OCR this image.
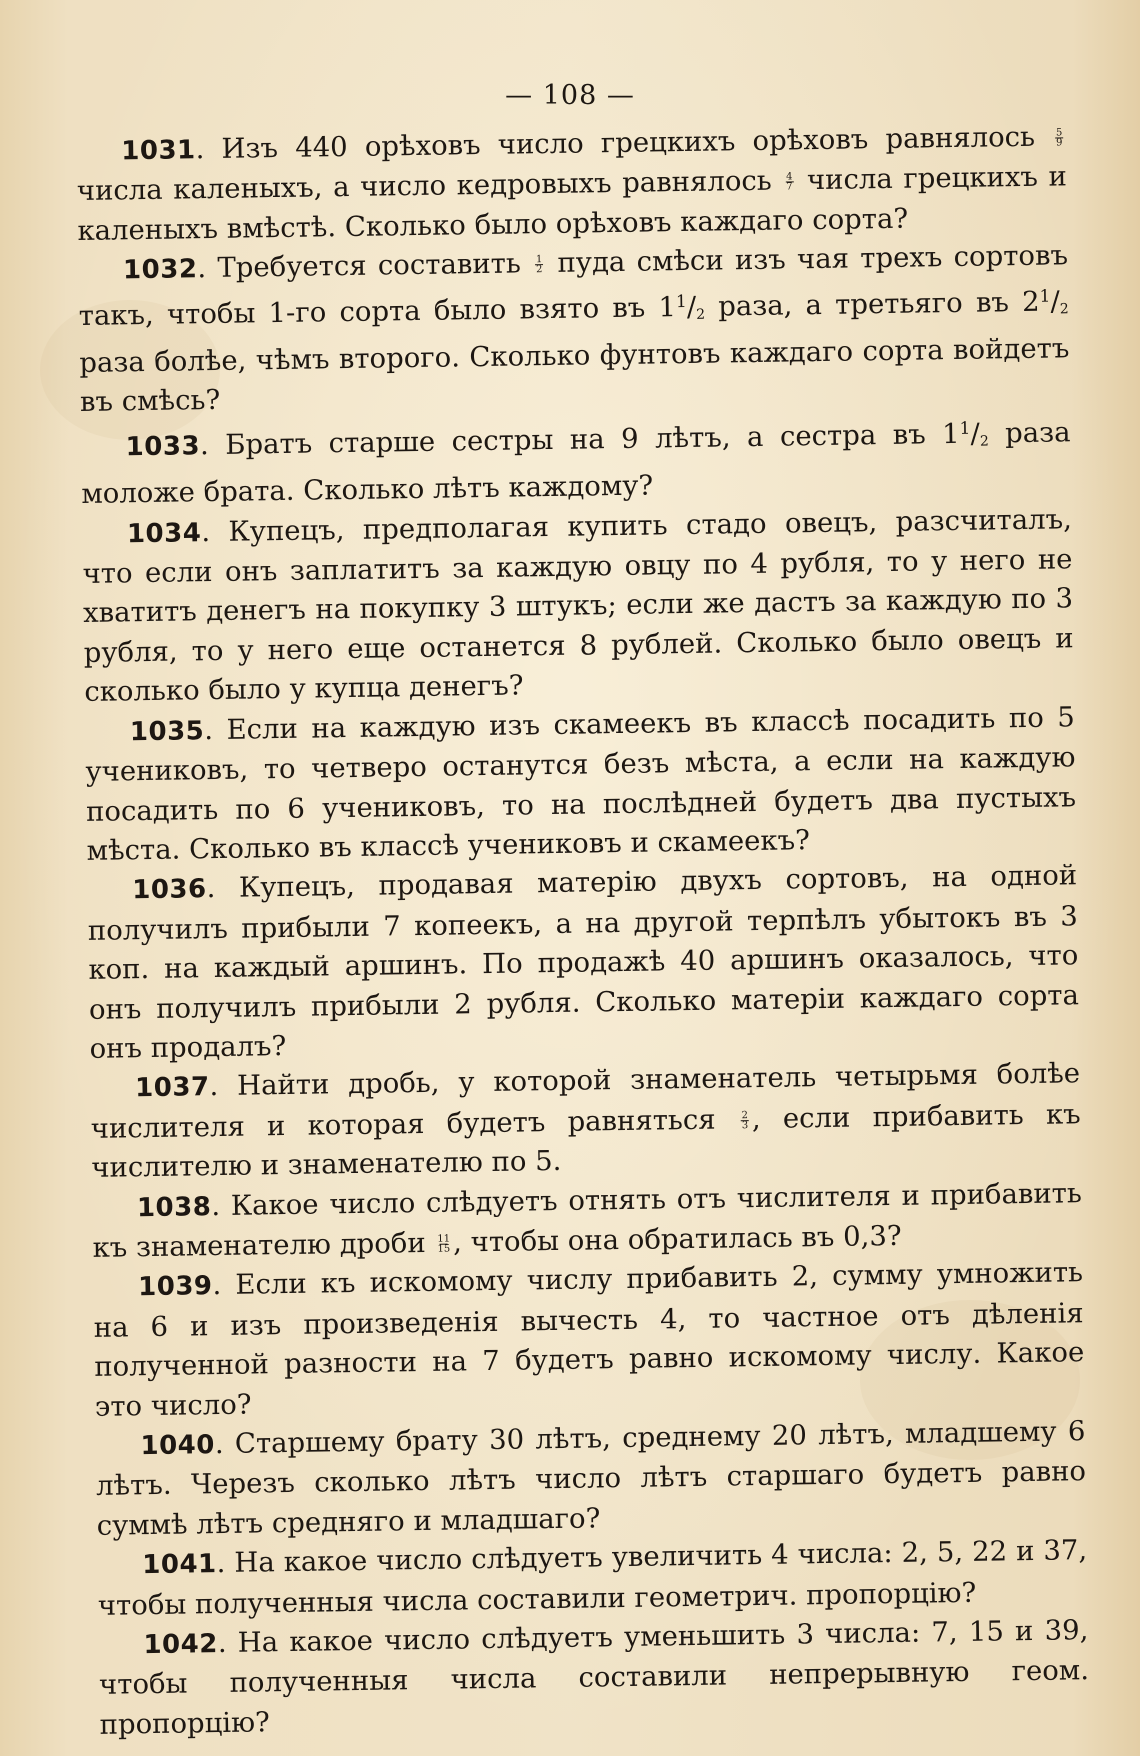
— 108 —

1031. Изъ 440 орѣховъ число грецкихъ орѣховъ равнялось $\frac{5}{9}$
числа каленыхъ, а число кедровыхъ равнялось $\frac{4}{7}$ числа грецкихъ и каленыхъ вмѣстѣ. Сколько было орѣховъ каждаго сорта?

1032. Требуется составить $\frac{1}{2}$ пуда смѣси изъ чая трехъ сортовъ такъ, чтобы 1-го сорта было взято въ $1^1/2$ раза, а третьяго въ $2^1/2$ раза болѣе, чѣмъ второго. Сколько фунтовъ каждаго сорта войдетъ въ смѣсь?

1033. Братъ старше сестры на 9 лѣтъ, а сестра въ $1^1/2$ раза моложе брата. Сколько лѣтъ каждому?

1034. Купецъ, предполагая купить стадо овецъ, разсчиталъ, что если онъ заплатитъ за каждую овцу по 4 рубля, то у него не хватитъ денегъ на покупку 3 штукъ; если же дастъ за каждую по 3 рубля, то у него еще останется 8 рублей. Сколько было овецъ и сколько было у купца денегъ?

1035. Если на каждую изъ скамеекъ въ классѣ посадить по 5 учениковъ, то четверо останутся безъ мѣста, а если на каждую посадить по 6 учениковъ, то на послѣдней будетъ два пустыхъ мѣста. Сколько въ классѣ учениковъ и скамеекъ?

1036. Купецъ, продавая матерію двухъ сортовъ, на одной получилъ прибыли 7 копеекъ, а на другой терпѣлъ убытокъ въ 3 коп. на каждый аршинъ. По продажѣ 40 аршинъ оказалось, что онъ получилъ прибыли 2 рубля. Сколько матеріи каждаго сорта онъ продалъ?

1037. Найти дробь, у которой знаменатель четырьмя болѣе числителя и которая будетъ равняться $\frac{2}{3}$ , если прибавить къ числителю и знаменателю по 5.

1038. Какое число слѣдуетъ отнять отъ числителя и прибавить къ знаменателю дроби $\frac{11}{15}$ , чтобы она обратилась въ 0,3?

1039. Если къ искомому числу прибавить 2, сумму умножить на 6 и изъ произведенія вычесть 4, то частное отъ дѣленія полученной разности на 7 будетъ равно искомому числу. Какое это число?

1040. Старшему брату 30 лѣтъ, среднему 20 лѣтъ, младшему 6 лѣтъ. Черезъ сколько лѣтъ число лѣтъ старшаго будетъ равно суммѣ лѣтъ средняго и младшаго?

1041. На какое число слѣдуетъ увеличить 4 числа: 2, 5, 22 и 37, чтобы полученныя числа составили геометрич. пропорцію?

1042. На какое число слѣдуетъ уменьшить 3 числа: 7, 15 и 39, чтобы полученныя числа составили непрерывную геом. пропорцію?
